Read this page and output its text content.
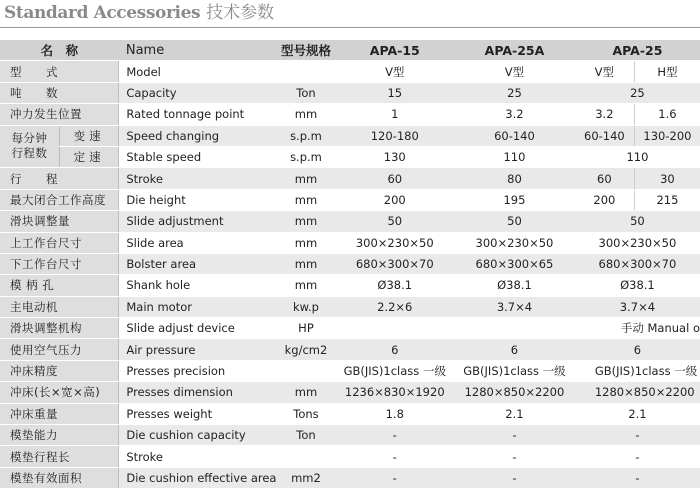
Standard Accessories 技术参数
名　称		Name	型号规格	APA-15	APA-25A	APA-25	
型　　式		Model		V型	V型	V型	H型
吨　　数		Capacity	Ton	15	25	25	
冲力发生位置		Rated tonnage point	mm	1	3.2	3.2	1.6
每分钟
行程数	变速	Speed changing	s.p.m	120-180	60-140	60-140	130-200
	定速	Stable speed	s.p.m	130	110	110	
行　　程		Stroke	mm	60	80	60	30
最大闭合工作高度		Die height	mm	200	195	200	215
滑块调整量		Slide adjustment	mm	50	50	50	
上工作台尺寸		Slide area	mm	300×230×50	300×230×50	300×230×50	
下工作台尺寸		Bolster area	mm	680×300×70	680×300×65	680×300×70	
模 柄 孔		Shank hole	mm	Ø38.1	Ø38.1	Ø38.1	
主电动机		Main motor	kw.p	2.2×6	3.7×4	3.7×4	
滑块调整机构		Slide adjust device	HP	手动 Manual o			
使用空气压力		Air pressure	kg/cm2	6	6	6	
冲床精度		Presses precision		GB(JIS)1class 一级	GB(JIS)1class 一级	GB(JIS)1class 一级	
冲床(长×宽×高)		Presses dimension	mm	1236×830×1920	1280×850×2200	1280×850×2200	
冲床重量		Presses weight	Tons	1.8	2.1	2.1	
模垫能力		Die cushion capacity	Ton	-	-	-	
模垫行程长		Stroke		-	-	-	
模垫有效面积		Die cushion effective area	mm2	-	-	-	
